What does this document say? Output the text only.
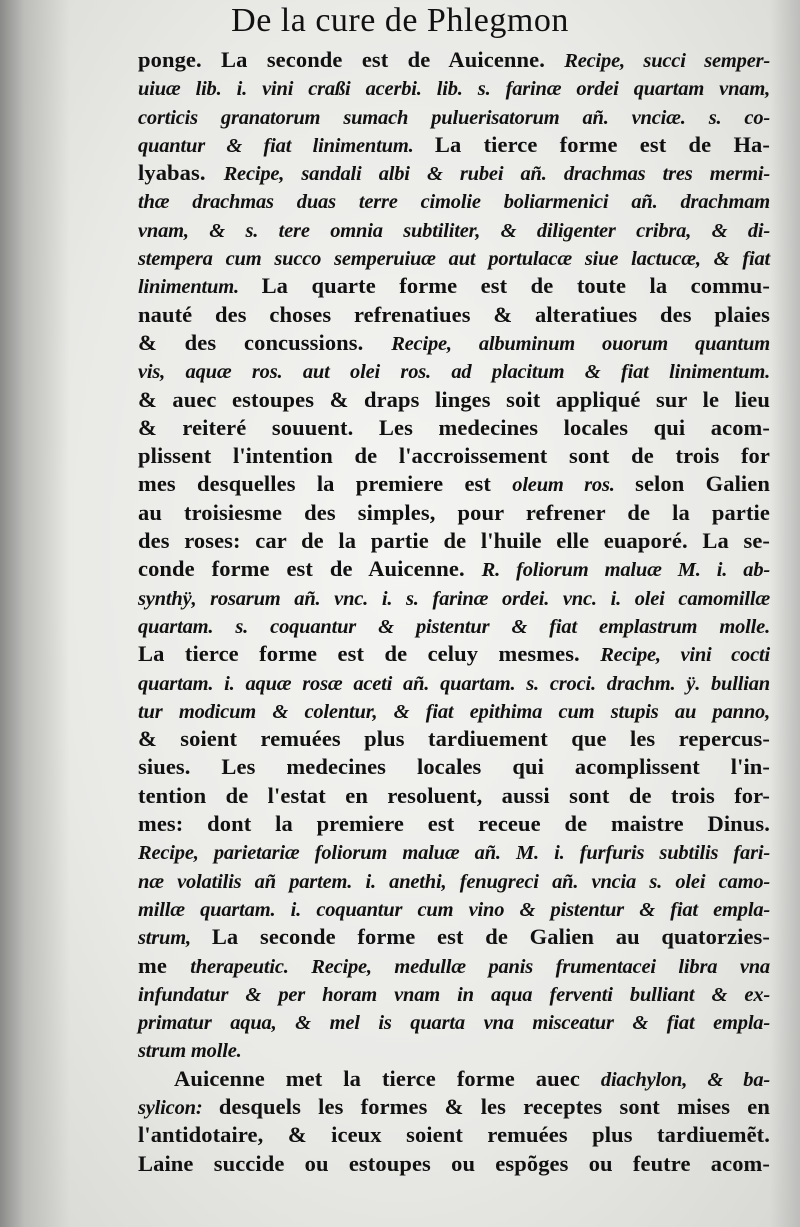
De la cure de Phlegmon
ponge. La seconde est de Auicenne. Recipe, succi semper-
uiuæ lib. i. vini craßi acerbi. lib. s. farinæ ordei quartam vnam,
corticis granatorum sumach puluerisatorum añ. vnciæ. s. co-
quantur & fiat linimentum. La tierce forme est de Ha-
lyabas. Recipe, sandali albi & rubei añ. drachmas tres mermi-
thæ drachmas duas terre cimolie boliarmenici añ. drachmam
vnam, & s. tere omnia subtiliter, & diligenter cribra, & di-
stempera cum succo semperuiuæ aut portulacæ siue lactucæ, & fiat
linimentum. La quarte forme est de toute la commu-
nauté des choses refrenatiues & alteratiues des plaies
& des concussions. Recipe, albuminum ouorum quantum
vis, aquæ ros. aut olei ros. ad placitum & fiat linimentum.
& auec estoupes & draps linges soit appliqué sur le lieu
& reiteré souuent. Les medecines locales qui acom-
plissent l'intention de l'accroissement sont de trois for
mes desquelles la premiere est oleum ros. selon Galien
au troisiesme des simples, pour refrener de la partie
des roses: car de la partie de l'huile elle euaporé. La se-
conde forme est de Auicenne. R. foliorum maluæ M. i. ab-
synthÿ, rosarum añ. vnc. i. s. farinæ ordei. vnc. i. olei camomillæ
quartam. s. coquantur & pistentur & fiat emplastrum molle.
La tierce forme est de celuy mesmes. Recipe, vini cocti
quartam. i. aquæ rosæ aceti añ. quartam. s. croci. drachm. ÿ. bullian
tur modicum & colentur, & fiat epithima cum stupis au panno,
& soient remuées plus tardiuement que les repercus-
siues. Les medecines locales qui acomplissent l'in-
tention de l'estat en resoluent, aussi sont de trois for-
mes: dont la premiere est receue de maistre Dinus.
Recipe, parietariæ foliorum maluæ añ. M. i. furfuris subtilis fari-
næ volatilis añ partem. i. anethi, fenugreci añ. vncia s. olei camo-
millæ quartam. i. coquantur cum vino & pistentur & fiat empla-
strum, La seconde forme est de Galien au quatorzies-
me therapeutic. Recipe, medullæ panis frumentacei libra vna
infundatur & per horam vnam in aqua ferventi bulliant & ex-
primatur aqua, & mel is quarta vna misceatur & fiat empla-
strum molle.
Auicenne met la tierce forme auec diachylon, & ba-
sylicon: desquels les formes & les receptes sont mises en
l'antidotaire, & iceux soient remuées plus tardiuemẽt.
Laine succide ou estoupes ou espõges ou feutre acom-
